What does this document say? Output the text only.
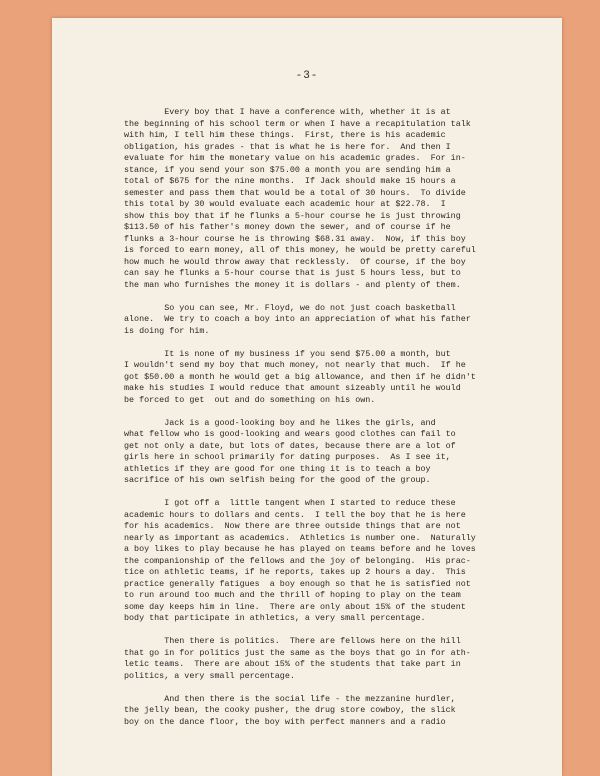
-3-
Every boy that I have a conference with, whether it is at
the beginning of his school term or when I have a recapitulation talk
with him, I tell him these things.  First, there is his academic
obligation, his grades - that is what he is here for.  And then I
evaluate for him the monetary value on his academic grades.  For in-
stance, if you send your son $75.00 a month you are sending him a
total of $675 for the nine months.  If Jack should make 15 hours a
semester and pass them that would be a total of 30 hours.  To divide
this total by 30 would evaluate each academic hour at $22.78.  I
show this boy that if he flunks a 5-hour course he is just throwing
$113.50 of his father's money down the sewer, and of course if he
flunks a 3-hour course he is throwing $68.31 away.  Now, if this boy
is forced to earn money, all of this money, he would be pretty careful
how much he would throw away that recklessly.  Of course, if the boy
can say he flunks a 5-hour course that is just 5 hours less, but to
the man who furnishes the money it is dollars - and plenty of them.
So you can see, Mr. Floyd, we do not just coach basketball
alone.  We try to coach a boy into an appreciation of what his father
is doing for him.
It is none of my business if you send $75.00 a month, but
I wouldn't send my boy that much money, not nearly that much.  If he
got $50.00 a month he would get a big allowance, and then if he didn't
make his studies I would reduce that amount sizeably until he would
be forced to get  out and do something on his own.
Jack is a good-looking boy and he likes the girls, and
what fellow who is good-looking and wears good clothes can fail to
get not only a date, but lots of dates, because there are a lot of
girls here in school primarily for dating purposes.  As I see it,
athletics if they are good for one thing it is to teach a boy
sacrifice of his own selfish being for the good of the group.
I got off a  little tangent when I started to reduce these
academic hours to dollars and cents.  I tell the boy that he is here
for his academics.  Now there are three outside things that are not
nearly as important as academics.  Athletics is number one.  Naturally
a boy likes to play because he has played on teams before and he loves
the companionship of the fellows and the joy of belonging.  His prac-
tice on athletic teams, if he reports, takes up 2 hours a day.  This
practice generally fatigues  a boy enough so that he is satisfied not
to run around too much and the thrill of hoping to play on the team
some day keeps him in line.  There are only about 15% of the student
body that participate in athletics, a very small percentage.
Then there is politics.  There are fellows here on the hill
that go in for politics just the same as the boys that go in for ath-
letic teams.  There are about 15% of the students that take part in
politics, a very small percentage.
And then there is the social life - the mezzanine hurdler,
the jelly bean, the cooky pusher, the drug store cowboy, the slick
boy on the dance floor, the boy with perfect manners and a radio
